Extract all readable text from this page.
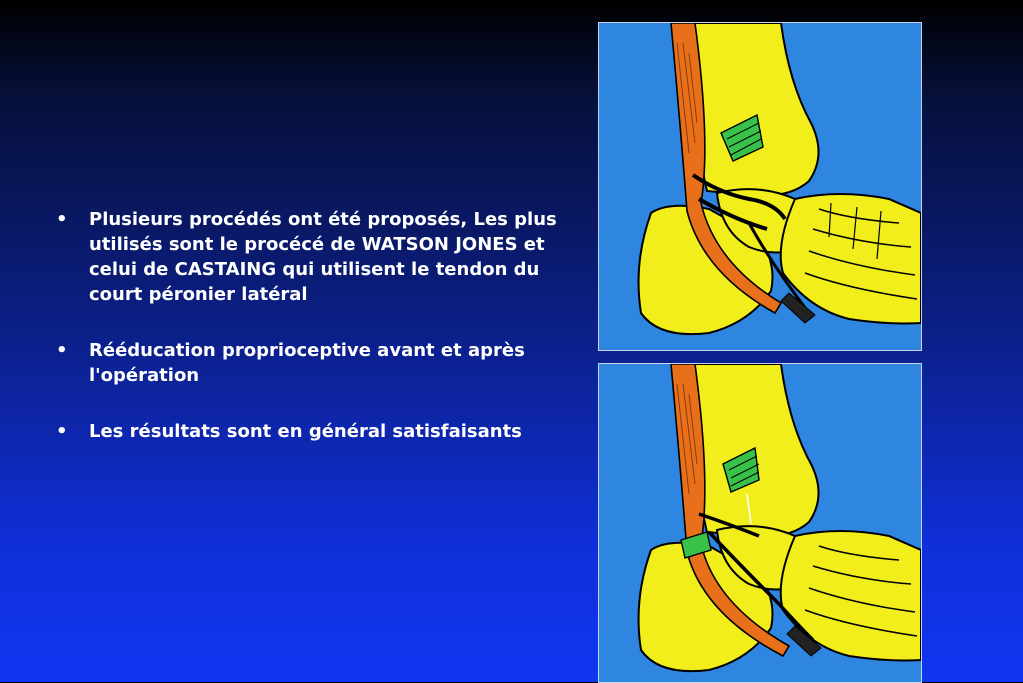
• Plusieurs procédés ont été proposés, Les plus utilisés sont le procécé de WATSON JONES et celui de CASTAING qui utilisent le tendon du court péronier latéral
• Rééducation proprioceptive avant et après l'opération
• Les résultats sont en général satisfaisants
